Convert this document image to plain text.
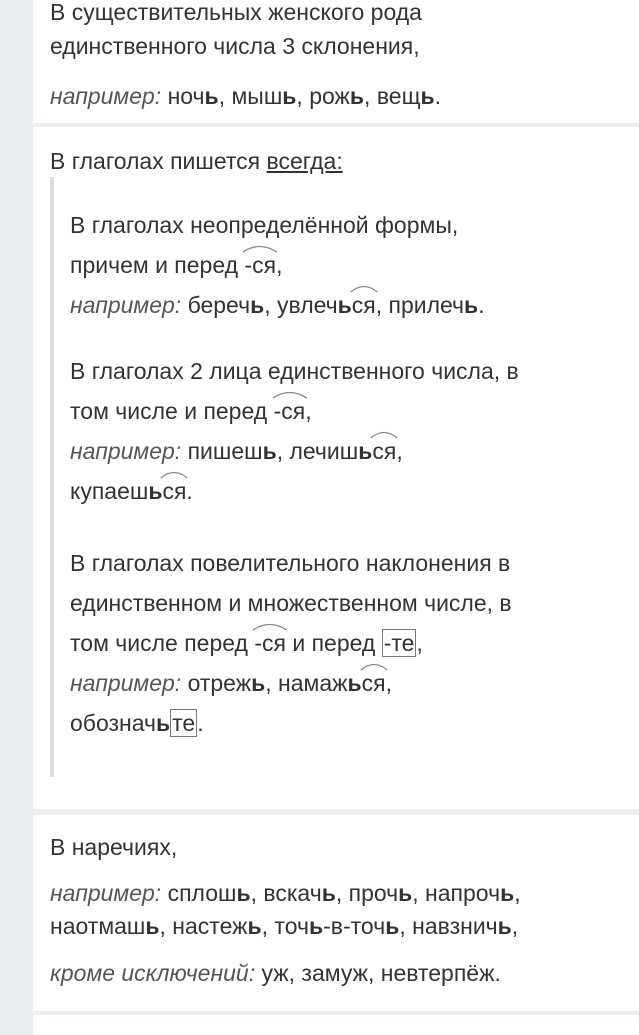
В существительных женского рода
единственного числа 3 склонения,
например: ночь, мышь, рожь, вещь.
В глаголах пишется всегда:
В глаголах неопределённой формы,
причем и перед
-ся,
например: беречь, увлечь
ся, прилечь.
В глаголах 2 лица единственного числа, в
том числе и перед
-ся,
например: пишешь, лечишь
ся,
купаешь
ся.
В глаголах повелительного наклонения в
единственном и множественном числе, в
том числе перед
-ся и перед -те,
например: отрежь, намажь
ся,
обозначьте.
В наречиях,
например: сплошь, вскачь, прочь, напрочь,
наотмашь, настежь, точь-в-точь, навзничь,
кроме исключений: уж, замуж, невтерпёж.
